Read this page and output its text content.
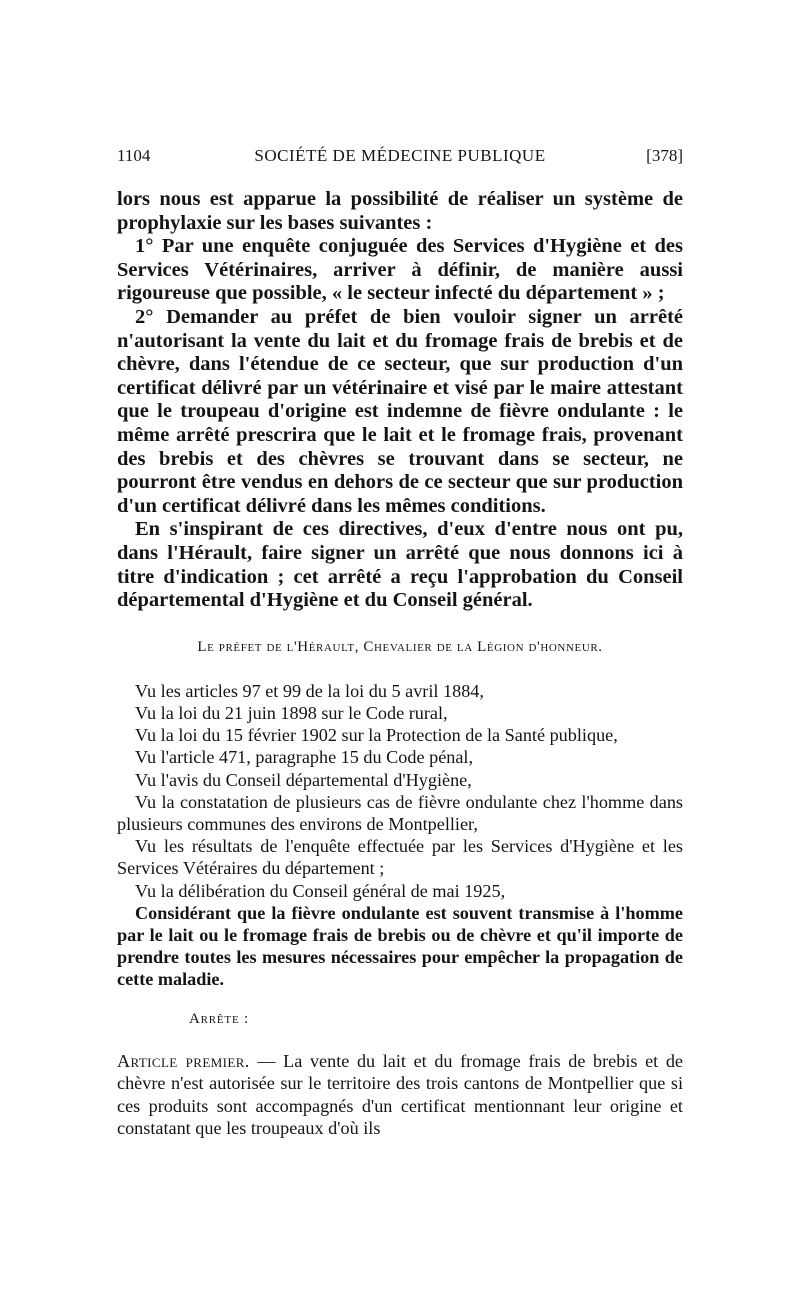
1104	SOCIÉTÉ DE MÉDECINE PUBLIQUE	[378]

lors nous est apparue la possibilité de réaliser un système de prophylaxie sur les bases suivantes :

1° Par une enquête conjuguée des Services d'Hygiène et des Services Vétérinaires, arriver à définir, de manière aussi rigoureuse que possible, « le secteur infecté du département » ;

2° Demander au préfet de bien vouloir signer un arrêté n'autorisant la vente du lait et du fromage frais de brebis et de chèvre, dans l'étendue de ce secteur, que sur production d'un certificat délivré par un vétérinaire et visé par le maire attestant que le troupeau d'origine est indemne de fièvre ondulante : le même arrêté prescrira que le lait et le fromage frais, provenant des brebis et des chèvres se trouvant dans se secteur, ne pourront être vendus en dehors de ce secteur que sur production d'un certificat délivré dans les mêmes conditions.

En s'inspirant de ces directives, d'eux d'entre nous ont pu, dans l'Hérault, faire signer un arrêté que nous donnons ici à titre d'indication ; cet arrêté a reçu l'approbation du Conseil départemental d'Hygiène et du Conseil général.

Le préfet de l'Hérault, Chevalier de la Légion d'honneur.

Vu les articles 97 et 99 de la loi du 5 avril 1884,

Vu la loi du 21 juin 1898 sur le Code rural,

Vu la loi du 15 février 1902 sur la Protection de la Santé publique,

Vu l'article 471, paragraphe 15 du Code pénal,

Vu l'avis du Conseil départemental d'Hygiène,

Vu la constatation de plusieurs cas de fièvre ondulante chez l'homme dans plusieurs communes des environs de Montpellier,

Vu les résultats de l'enquête effectuée par les Services d'Hygiène et les Services Vétéraires du département ;

Vu la délibération du Conseil général de mai 1925,

Considérant que la fièvre ondulante est souvent transmise à l'homme par le lait ou le fromage frais de brebis ou de chèvre et qu'il importe de prendre toutes les mesures nécessaires pour empêcher la propagation de cette maladie.

Arrête :
Article premier. — La vente du lait et du fromage frais de brebis et de chèvre n'est autorisée sur le territoire des trois cantons de Montpellier que si ces produits sont accompagnés d'un certificat mentionnant leur origine et constatant que les troupeaux d'où ils
